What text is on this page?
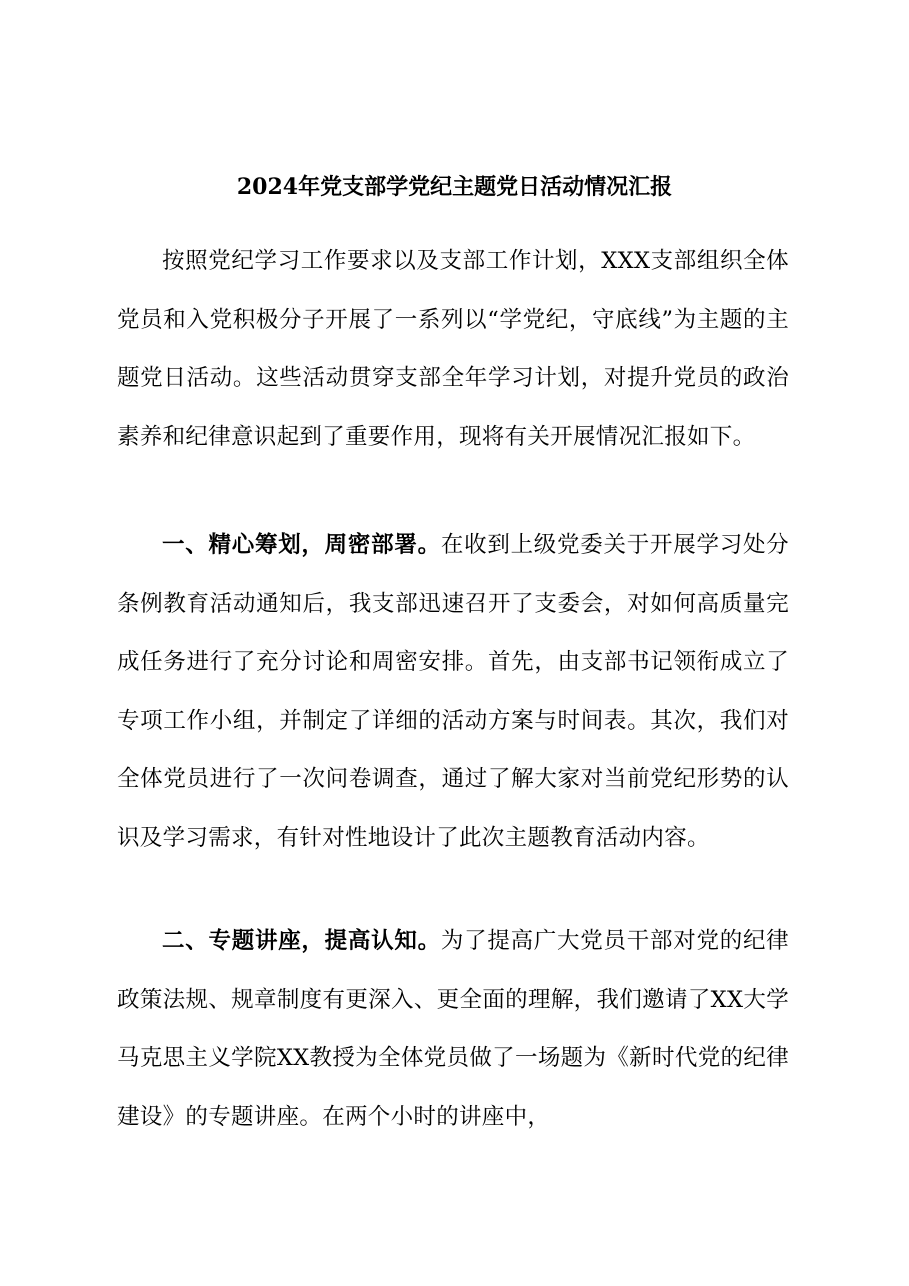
2024年党支部学党纪主题党日活动情况汇报

按照党纪学习工作要求以及支部工作计划，XXX支部组织全体党员和入党积极分子开展了一系列以“学党纪，守底线”为主题的主题党日活动。这些活动贯穿支部全年学习计划，对提升党员的政治素养和纪律意识起到了重要作用，现将有关开展情况汇报如下。

一、精心筹划，周密部署。在收到上级党委关于开展学习处分条例教育活动通知后，我支部迅速召开了支委会，对如何高质量完成任务进行了充分讨论和周密安排。首先，由支部书记领衔成立了专项工作小组，并制定了详细的活动方案与时间表。其次，我们对全体党员进行了一次问卷调查，通过了解大家对当前党纪形势的认识及学习需求，有针对性地设计了此次主题教育活动内容。

二、专题讲座，提高认知。为了提高广大党员干部对党的纪律政策法规、规章制度有更深入、更全面的理解，我们邀请了XX大学马克思主义学院XX教授为全体党员做了一场题为《新时代党的纪律建设》的专题讲座。在两个小时的讲座中，
